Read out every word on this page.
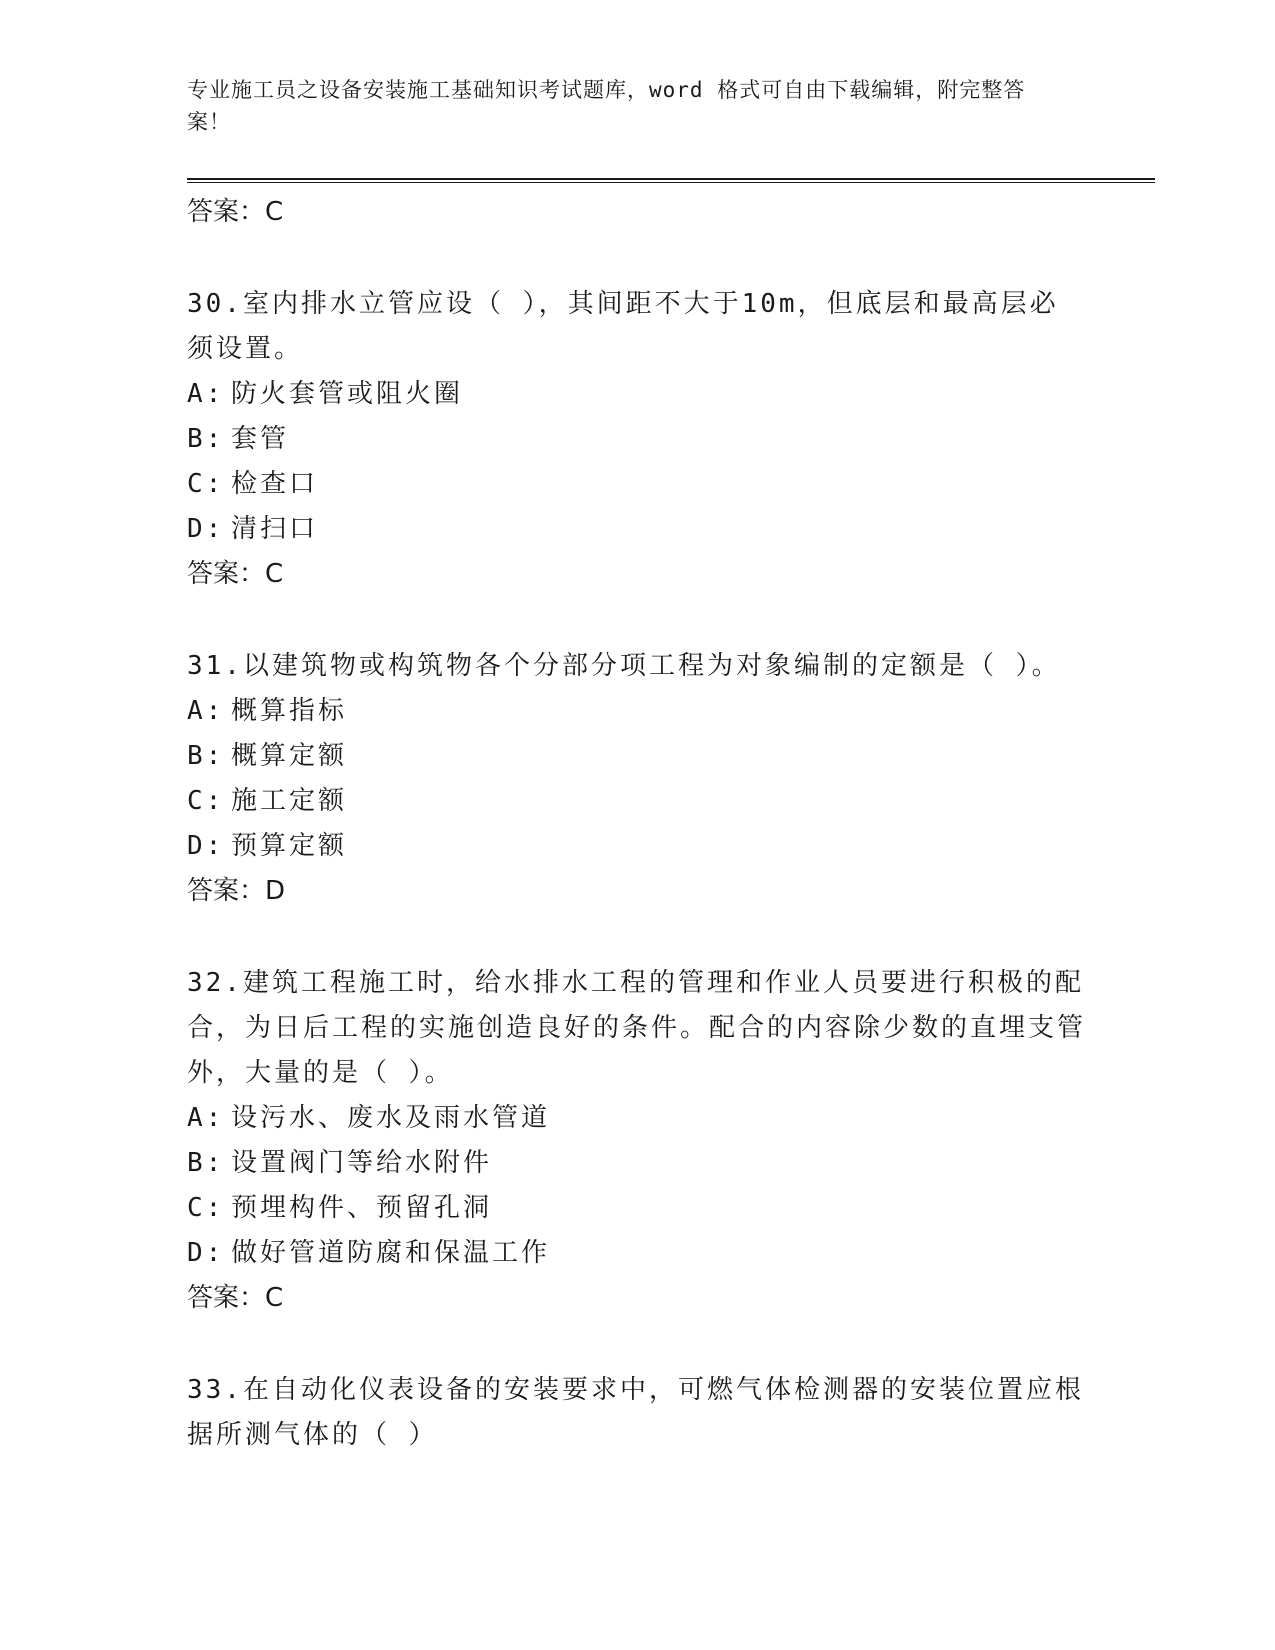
专业施工员之设备安装施工基础知识考试题库，word 格式可自由下载编辑，附完整答案！
答案：C
30.室内排水立管应设（ ），其间距不大于10m，但底层和最高层必须设置。
A: 防火套管或阻火圈
B: 套管
C: 检查口
D: 清扫口
答案：C
31.以建筑物或构筑物各个分部分项工程为对象编制的定额是（ ）。
A: 概算指标
B: 概算定额
C: 施工定额
D: 预算定额
答案：D
32.建筑工程施工时，给水排水工程的管理和作业人员要进行积极的配合，为日后工程的实施创造良好的条件。配合的内容除少数的直埋支管外，大量的是（ ）。
A: 设污水、废水及雨水管道
B: 设置阀门等给水附件
C: 预埋构件、预留孔洞
D: 做好管道防腐和保温工作
答案：C
33.在自动化仪表设备的安装要求中，可燃气体检测器的安装位置应根据所测气体的（ ）
